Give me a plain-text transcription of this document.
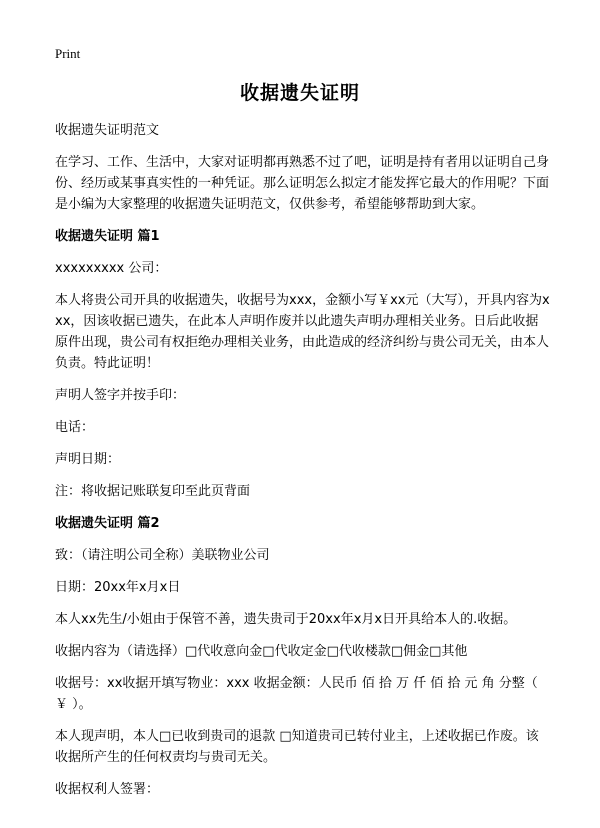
Print
收据遗失证明
收据遗失证明范文
在学习、工作、生活中，大家对证明都再熟悉不过了吧，证明是持有者用以证明自己身份、经历或某事真实性的一种凭证。那么证明怎么拟定才能发挥它最大的作用呢？下面是小编为大家整理的收据遗失证明范文，仅供参考，希望能够帮助到大家。
收据遗失证明 篇1
xxxxxxxxx 公司：
本人将贵公司开具的收据遗失，收据号为xxx，金额小写￥xx元（大写），开具内容为xxx，因该收据已遗失，在此本人声明作废并以此遗失声明办理相关业务。日后此收据原件出现，贵公司有权拒绝办理相关业务，由此造成的经济纠纷与贵公司无关，由本人负责。特此证明！
声明人签字并按手印：
电话：
声明日期：
注：将收据记账联复印至此页背面
收据遗失证明 篇2
致：（请注明公司全称）美联物业公司
日期：20xx年x月x日
本人xx先生/小姐由于保管不善，遗失贵司于20xx年x月x日开具给本人的.收据。
收据内容为（请选择）□代收意向金□代收定金□代收楼款□佣金□其他
收据号：xx收据开填写物业：xxx 收据金额：人民币 佰 拾 万 仟 佰 拾 元 角 分整（ ￥ ）。
本人现声明，本人□已收到贵司的退款 □知道贵司已转付业主，上述收据已作废。该收据所产生的任何权责均与贵司无关。
收据权利人签署：
